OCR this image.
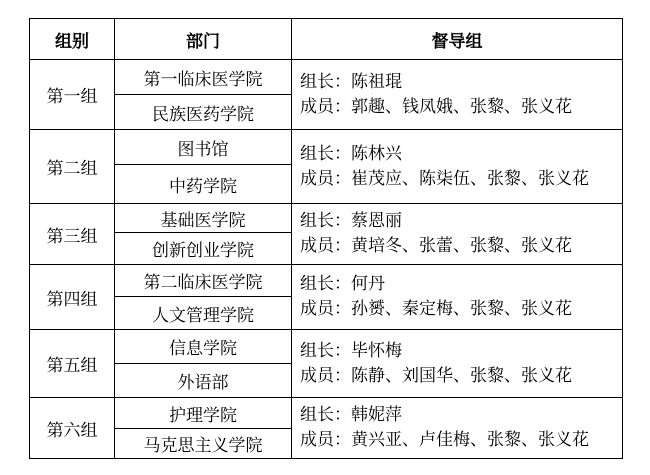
组别	部门	督导组
第一组	第一临床医学院	组长：陈祖琨
成员：郭趣、钱凤娥、张黎、张义花

	民族医药学院	
第二组	图书馆	组长：陈林兴
成员：崔茂应、陈柒伍、张黎、张义花

	中药学院	
第三组	基础医学院	组长：蔡恩丽
成员：黄培冬、张蕾、张黎、张义花

	创新创业学院	
第四组	第二临床医学院	组长：何丹
成员：孙赟、秦定梅、张黎、张义花

	人文管理学院	
第五组	信息学院	组长：毕怀梅
成员：陈静、刘国华、张黎、张义花

	外语部	
第六组	护理学院	组长：韩妮萍
成员：黄兴亚、卢佳梅、张黎、张义花

	马克思主义学院	
